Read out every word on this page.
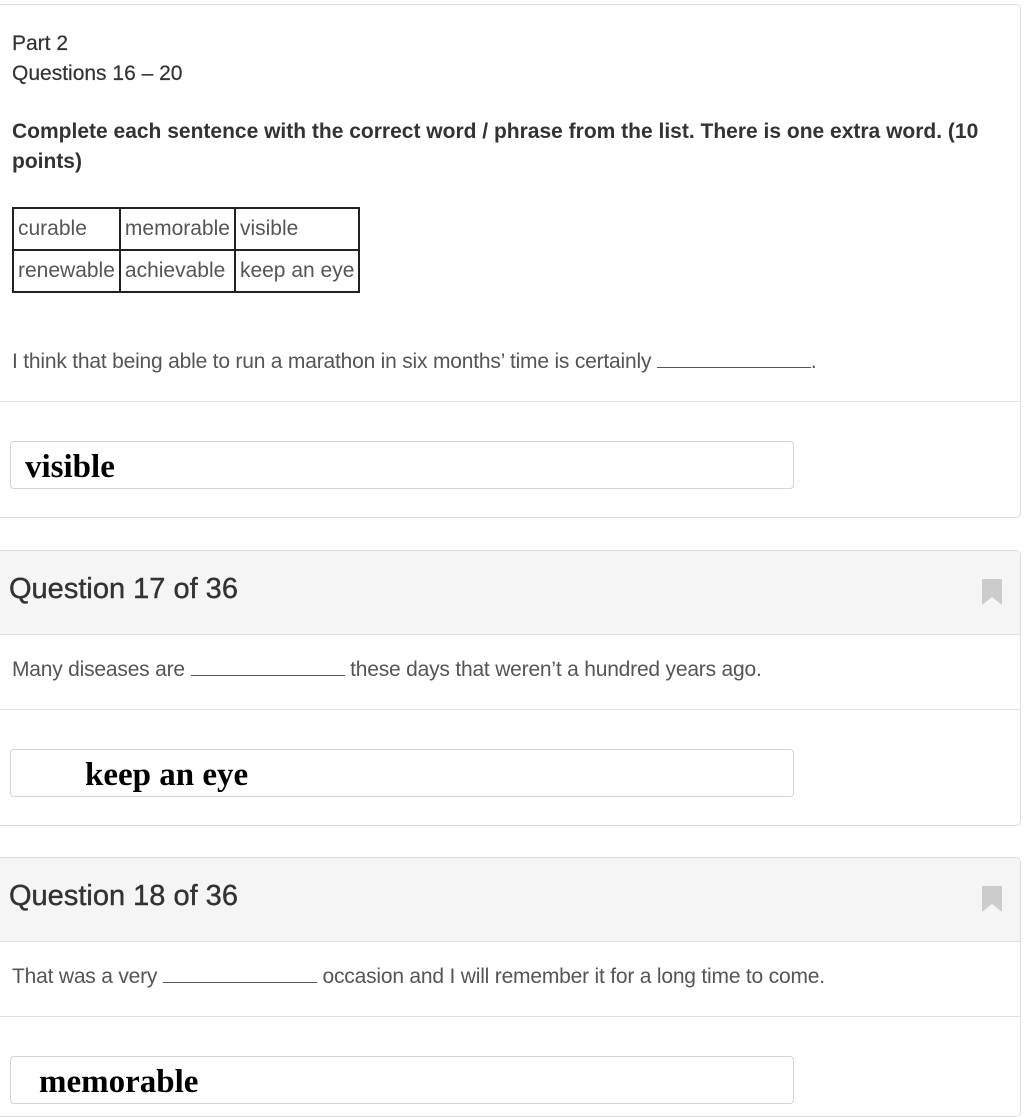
Part 2
Questions 16 – 20
Complete each sentence with the correct word / phrase from the list. There is one extra word. (10 points)
curable	memorable	visible
renewable	achievable	keep an eye
I think that being able to run a marathon in six months’ time is certainly	.
visible
Question 17 of 36
Many diseases are	these days that weren’t a hundred years ago.
keep an eye
Question 18 of 36
That was a very	occasion and I will remember it for a long time to come.
memorable
